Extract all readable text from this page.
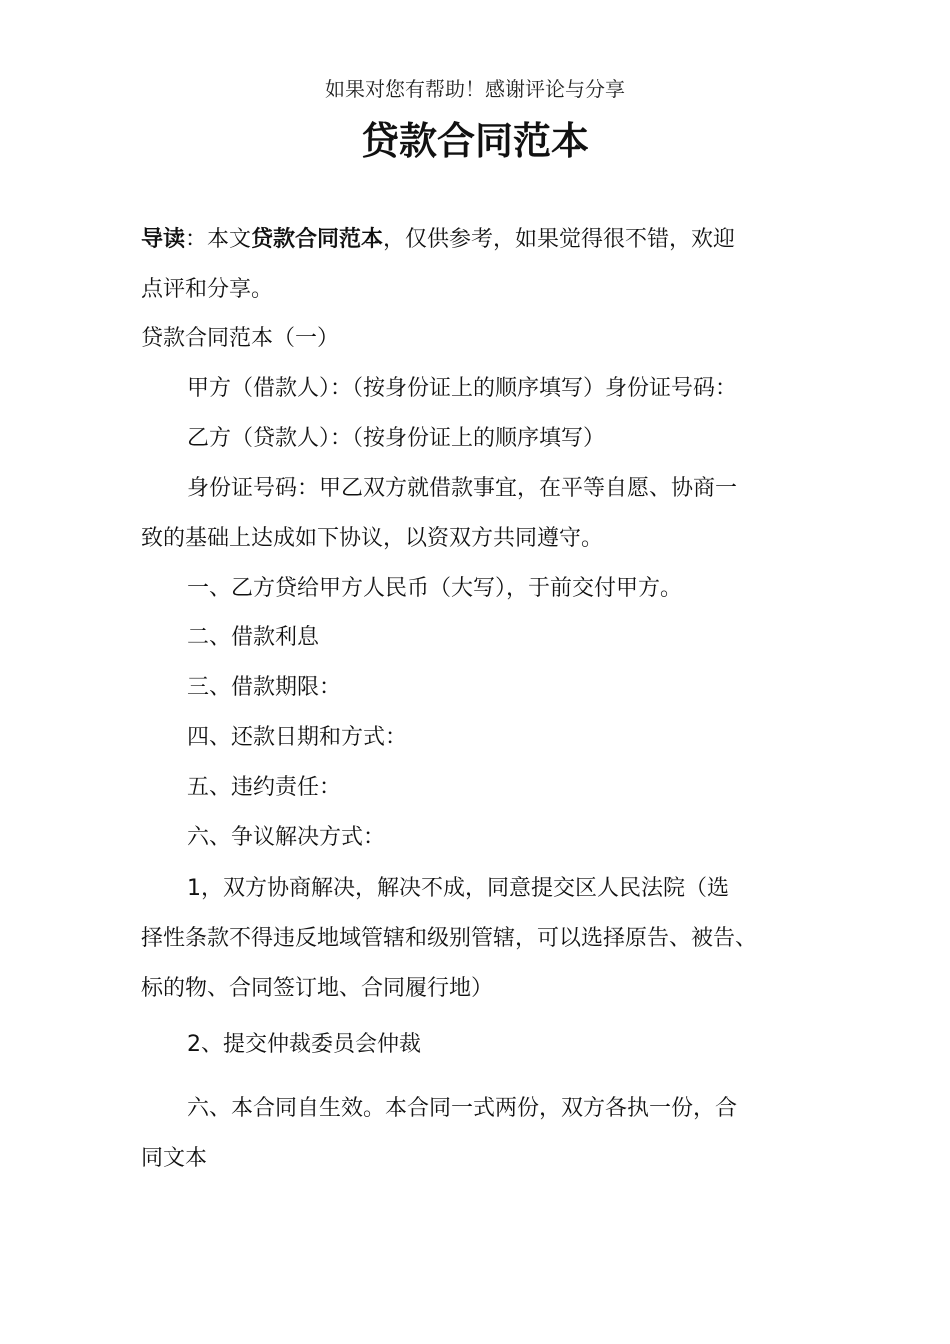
如果对您有帮助！感谢评论与分享
贷款合同范本
导读：本文贷款合同范本，仅供参考，如果觉得很不错，欢迎
点评和分享。
贷款合同范本（一）
甲方（借款人）：（按身份证上的顺序填写）身份证号码：
乙方（贷款人）：（按身份证上的顺序填写）
身份证号码：甲乙双方就借款事宜，在平等自愿、协商一
致的基础上达成如下协议，以资双方共同遵守。
一、乙方贷给甲方人民币（大写），于前交付甲方。
二、借款利息
三、借款期限：
四、还款日期和方式：
五、违约责任：
六、争议解决方式：
1，双方协商解决，解决不成，同意提交区人民法院（选
择性条款不得违反地域管辖和级别管辖，可以选择原告、被告、
标的物、合同签订地、合同履行地）
2、提交仲裁委员会仲裁
六、本合同自生效。本合同一式两份，双方各执一份，合
同文本
